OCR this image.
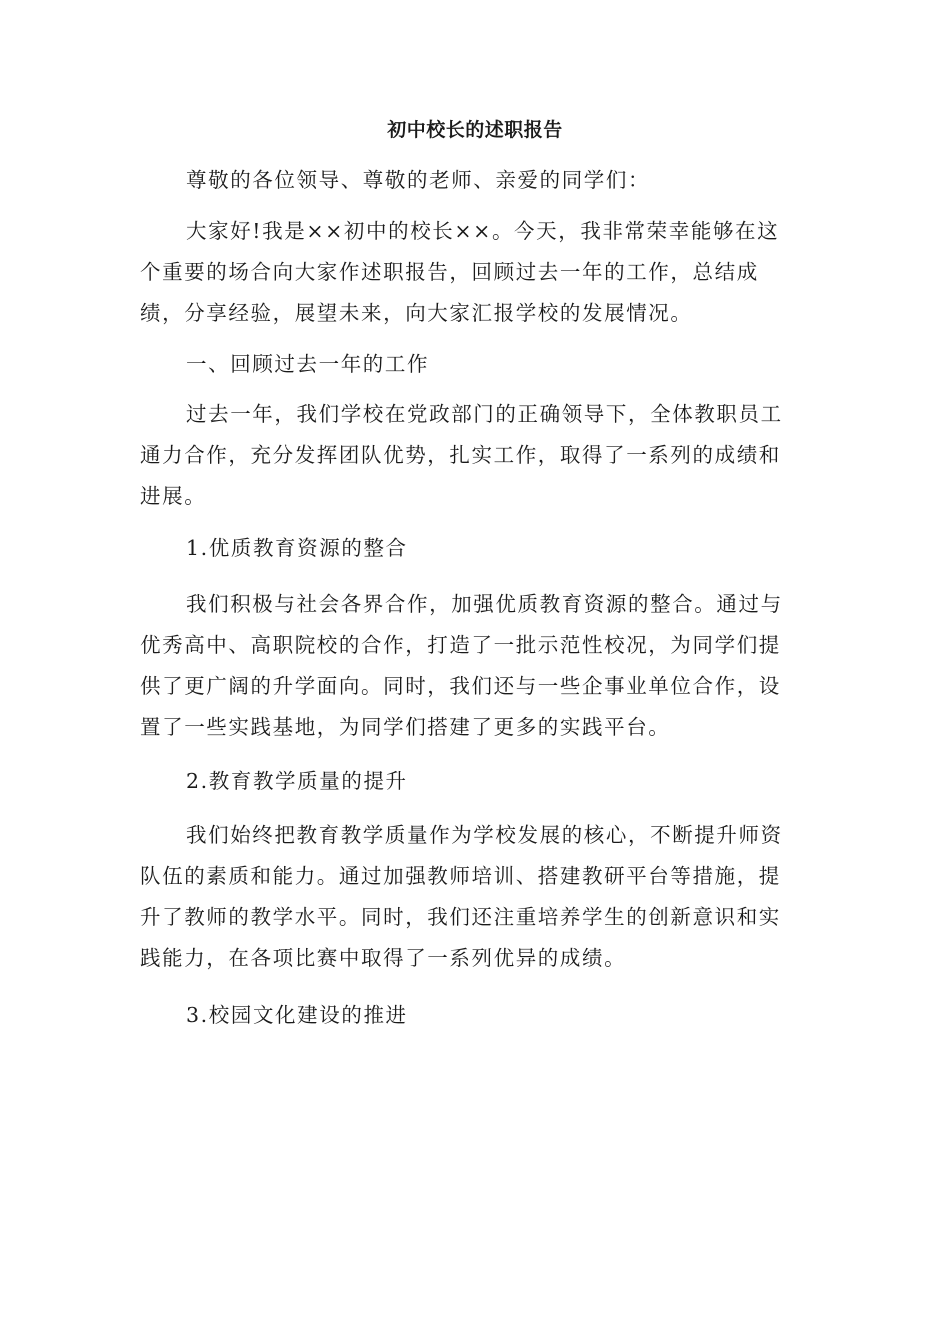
初中校长的述职报告

尊敬的各位领导、尊敬的老师、亲爱的同学们：

大家好!我是××初中的校长××。今天，我非常荣幸能够在这个重要的场合向大家作述职报告，回顾过去一年的工作，总结成绩，分享经验，展望未来，向大家汇报学校的发展情况。

一、回顾过去一年的工作

过去一年，我们学校在党政部门的正确领导下，全体教职员工通力合作，充分发挥团队优势，扎实工作，取得了一系列的成绩和进展。

1.优质教育资源的整合

我们积极与社会各界合作，加强优质教育资源的整合。通过与优秀高中、高职院校的合作，打造了一批示范性校况，为同学们提供了更广阔的升学面向。同时，我们还与一些企事业单位合作，设置了一些实践基地，为同学们搭建了更多的实践平台。

2.教育教学质量的提升

我们始终把教育教学质量作为学校发展的核心，不断提升师资队伍的素质和能力。通过加强教师培训、搭建教研平台等措施，提升了教师的教学水平。同时，我们还注重培养学生的创新意识和实践能力，在各项比赛中取得了一系列优异的成绩。

3.校园文化建设的推进
